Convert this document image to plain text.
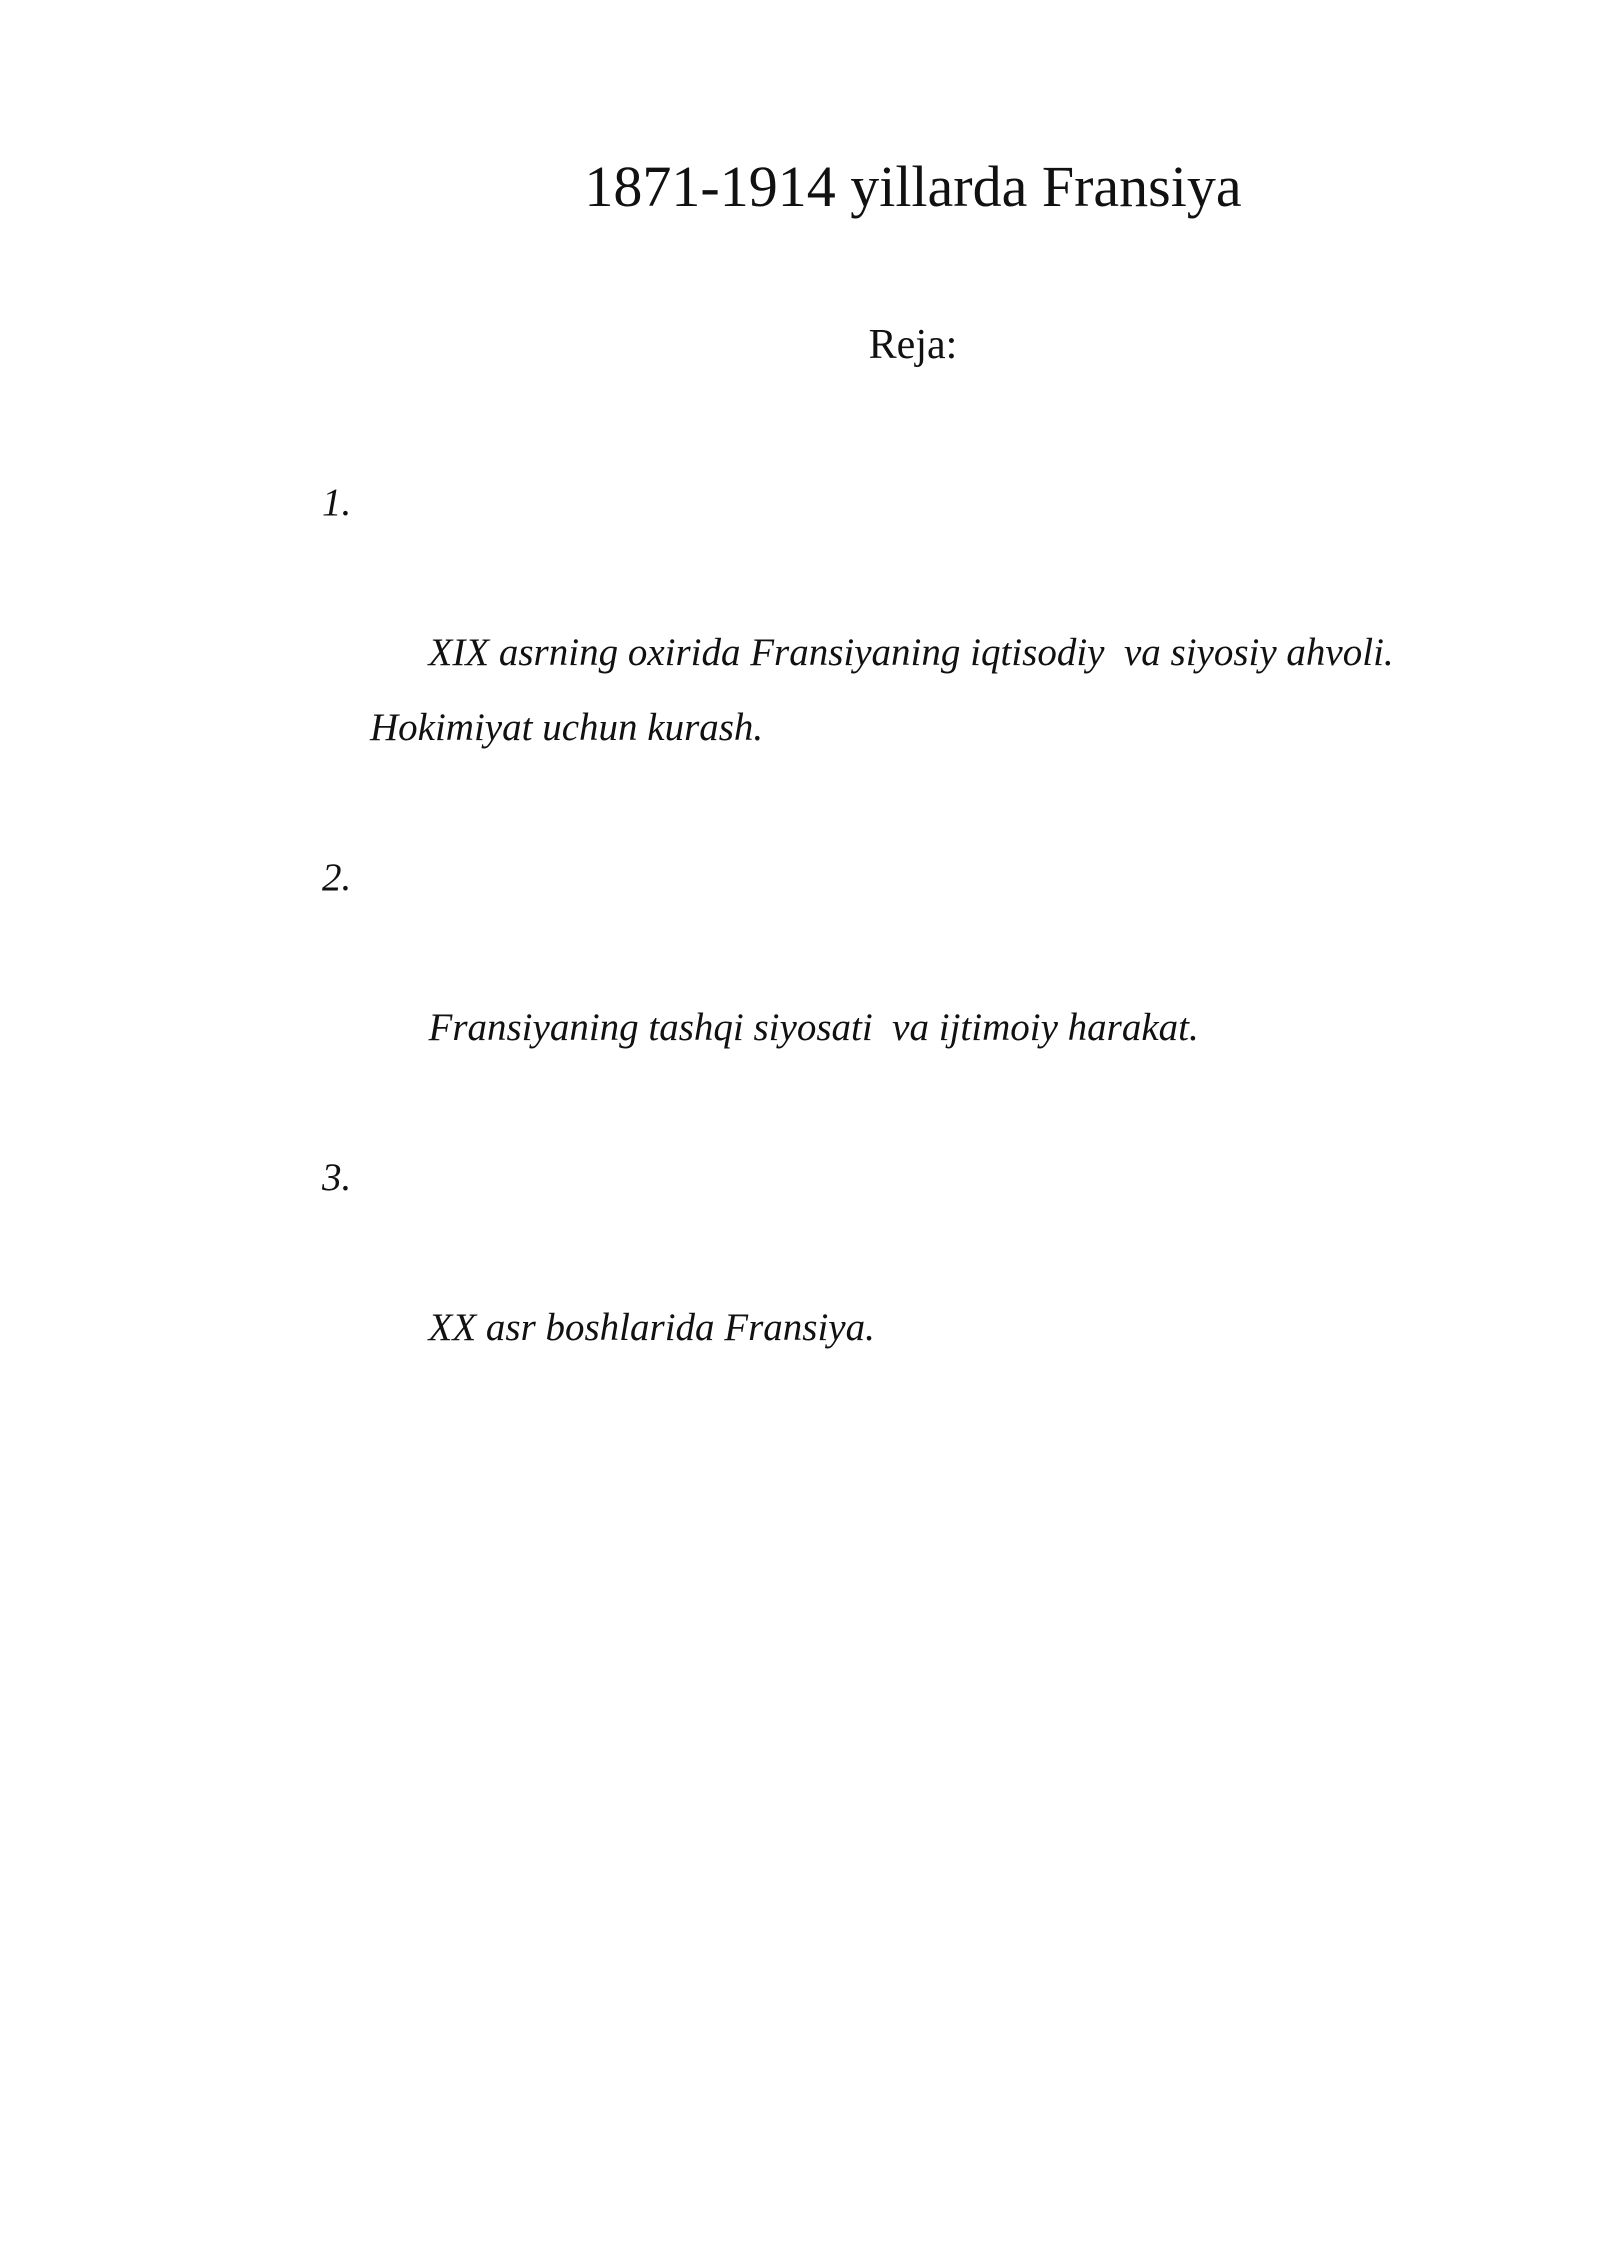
1871-1914 yillarda Fransiya
Reja:

1.

XIX asrning oxirida Fransiyaning iqtisodiy  va siyosiy ahvoli. Hokimiyat uchun kurash.

2.

Fransiyaning tashqi siyosati  va ijtimoiy harakat.

3.

XX asr boshlarida Fransiya.
